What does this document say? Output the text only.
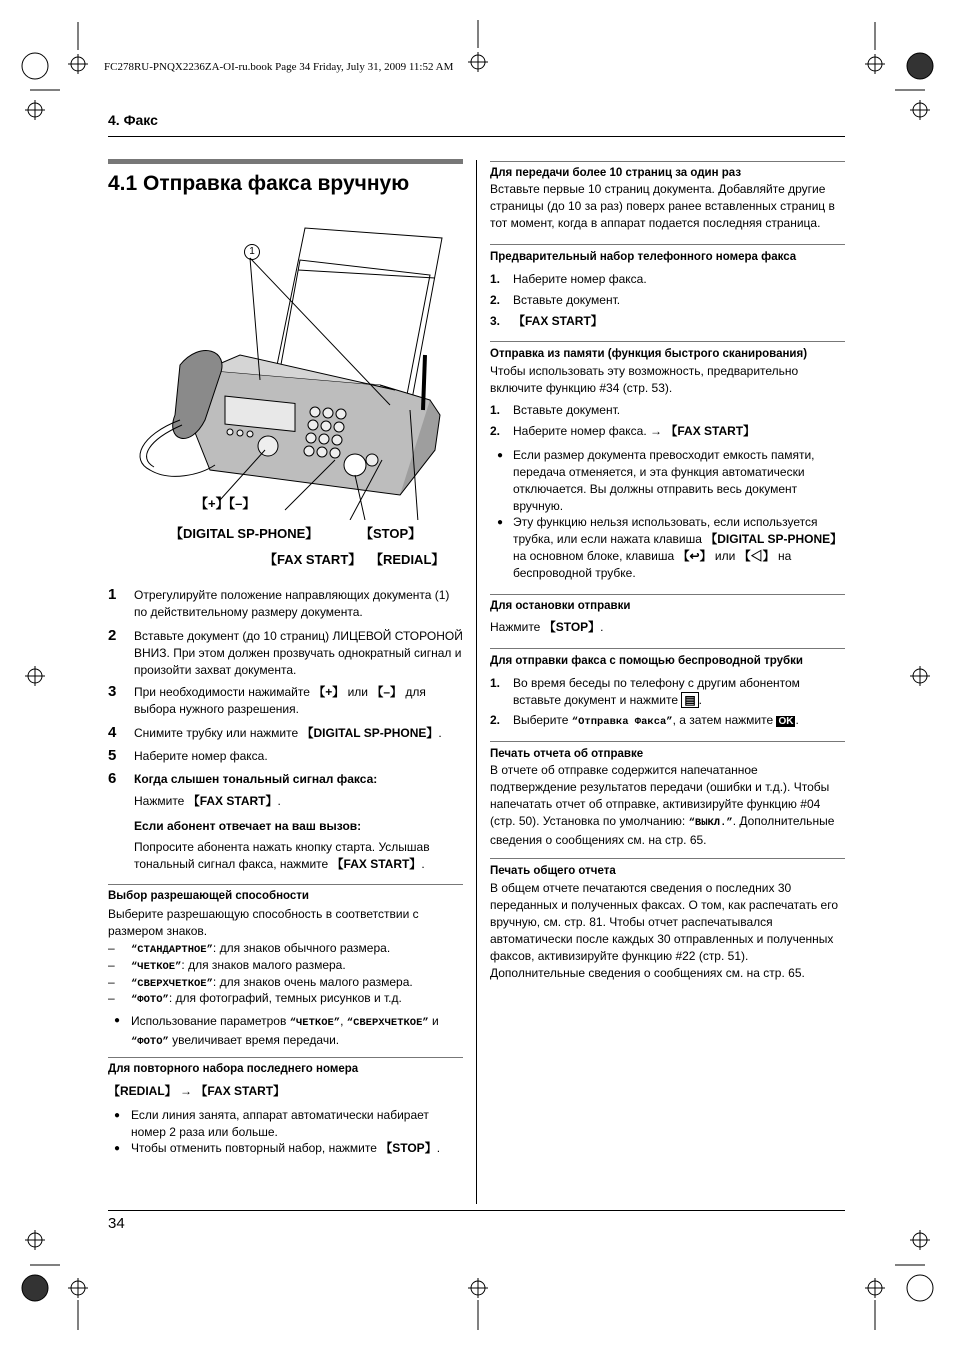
FC278RU-PNQX2236ZA-OI-ru.book Page 34 Friday, July 31, 2009 11:52 AM
4. Факс
4.1 Отправка факса вручную
1
【+】【–】
【DIGITAL SP-PHONE】	【STOP】
【FAX START】 【REDIAL】
1 Отрегулируйте положение направляющих документа (1) по действительному размеру документа.
2 Вставьте документ (до 10 страниц) ЛИЦЕВОЙ СТОРОНОЙ ВНИЗ. При этом должен прозвучать однократный сигнал и произойти захват документа.
3 При необходимости нажимайте 【+】 или 【–】 для выбора нужного разрешения.
4 Снимите трубку или нажмите 【DIGITAL SP-PHONE】.
5 Наберите номер факса.
6 Когда слышен тональный сигнал факса:
Нажмите 【FAX START】.
Если абонент отвечает на ваш вызов:
Попросите абонента нажать кнопку старта. Услышав тональный сигнал факса, нажмите 【FAX START】.
Выбор разрешающей способности
Выберите разрешающую способность в соответствии с размером знаков.
– “СТАНДАРТНОЕ”: для знаков обычного размера.
– “ЧЕТКОЕ”: для знаков малого размера.
– “СВЕРХЧЕТКОЕ”: для знаков очень малого размера.
– “ФОТО”: для фотографий, темных рисунков и т.д.
● Использование параметров “ЧЕТКОЕ”, “СВЕРХЧЕТКОЕ” и “ФОТО” увеличивает время передачи.
Для повторного набора последнего номера
【REDIAL】 → 【FAX START】
● Если линия занята, аппарат автоматически набирает номер 2 раза или больше.
● Чтобы отменить повторный набор, нажмите 【STOP】.
Для передачи более 10 страниц за один раз
Вставьте первые 10 страниц документа. Добавляйте другие страницы (до 10 за раз) поверх ранее вставленных страниц в тот момент, когда в аппарат подается последняя страница.
Предварительный набор телефонного номера факса
1. Наберите номер факса.
2. Вставьте документ.
3. 【FAX START】
Отправка из памяти (функция быстрого сканирования)
Чтобы использовать эту возможность, предварительно включите функцию #34 (стр. 53).
1. Вставьте документ.
2. Наберите номер факса. → 【FAX START】
● Если размер документа превосходит емкость памяти, передача отменяется, и эта функция автоматически отключается. Вы должны отправить весь документ вручную.
● Эту функцию нельзя использовать, если используется трубка, или если нажата клавиша 【DIGITAL SP-PHONE】 на основном блоке, клавиша 【↩】 или 【◁】 на беспроводной трубке.
Для остановки отправки
Нажмите 【STOP】.
Для отправки факса с помощью беспроводной трубки
1. Во время беседы по телефону с другим абонентом вставьте документ и нажмите ▤ .
2. Выберите “Отправка Факса”, а затем нажмите OK .
Печать отчета об отправке
В отчете об отправке содержится напечатанное подтверждение результатов передачи (ошибки и т.д.). Чтобы напечатать отчет об отправке, активизируйте функцию #04 (стр. 50). Установка по умолчанию: “ВЫКЛ.”. Дополнительные сведения о сообщениях см. на стр. 65.
Печать общего отчета
В общем отчете печатаются сведения о последних 30 переданных и полученных факсах. О том, как распечатать его вручную, см. стр. 81. Чтобы отчет распечатывался автоматически после каждых 30 отправленных и полученных факсов, активизируйте функцию #22 (стр. 51). Дополнительные сведения о сообщениях см. на стр. 65.
34
